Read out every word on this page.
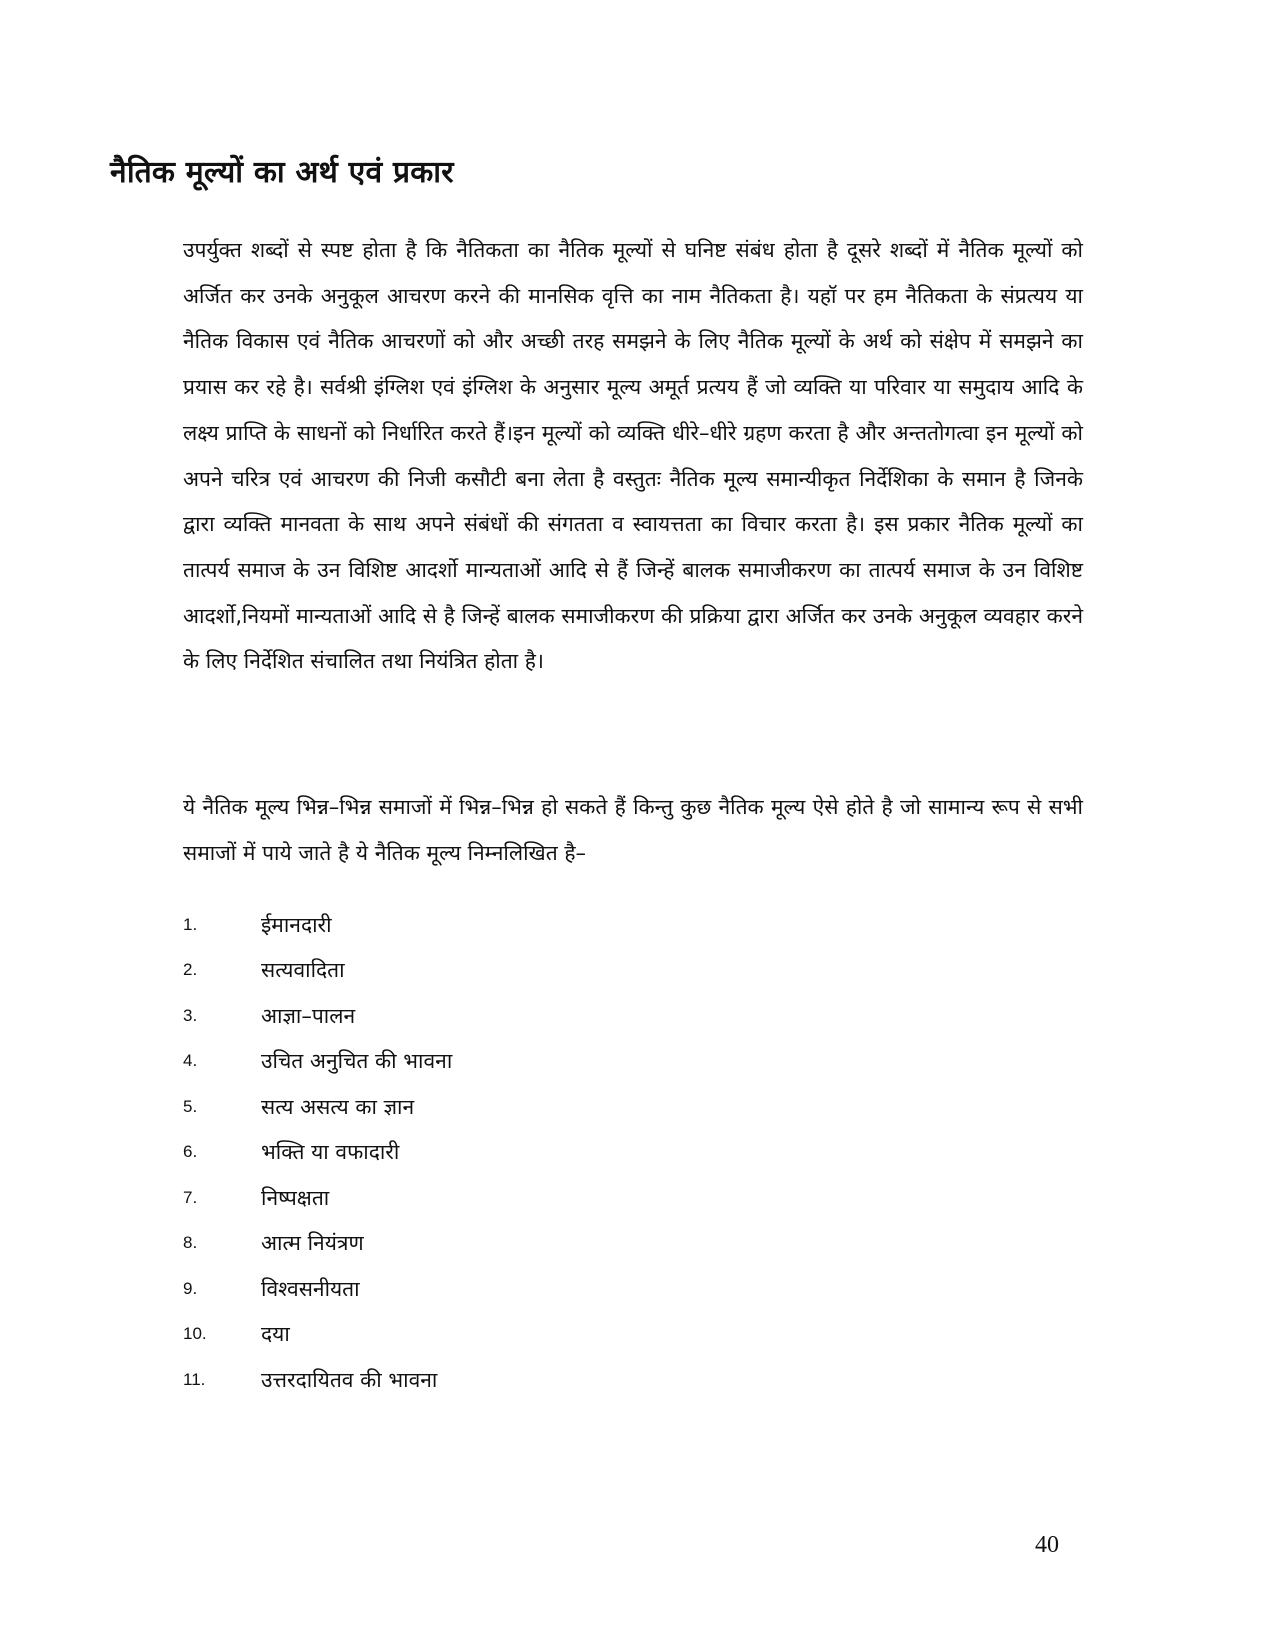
नैतिक मूल्यों का अर्थ एवं प्रकार

उपर्युक्त शब्दों से स्पष्ट होता है कि नैतिकता का नैतिक मूल्यों से घनिष्ट संबंध होता है दूसरे शब्दों में नैतिक मूल्यों को अर्जित कर उनके अनुकूल आचरण करने की मानसिक वृत्ति का नाम नैतिकता है। यहॉ पर हम नैतिकता के संप्रत्यय या नैतिक विकास एवं नैतिक आचरणों को और अच्छी तरह समझने के लिए नैतिक मूल्यों के अर्थ को संक्षेप में समझने का प्रयास कर रहे है। सर्वश्री इंग्लिश एवं इंग्लिश के अनुसार मूल्य अमूर्त प्रत्यय हैं जो व्यक्ति या परिवार या समुदाय आदि के लक्ष्य प्राप्ति के साधनों को निर्धारित करते हैं।इन मूल्यों को व्यक्ति धीरे–धीरे ग्रहण करता है और अन्ततोगत्वा इन मूल्यों को अपने चरित्र एवं आचरण की निजी कसौटी बना लेता है वस्तुतः नैतिक मूल्य समान्यीकृत निर्देशिका के समान है जिनके द्वारा व्यक्ति मानवता के साथ अपने संबंधों की संगतता व स्वायत्तता का विचार करता है। इस प्रकार नैतिक मूल्यों का तात्पर्य समाज के उन विशिष्ट आदर्शो मान्यताओं आदि से हैं जिन्हें बालक समाजीकरण का तात्पर्य समाज के उन विशिष्ट आदर्शो,नियमों मान्यताओं आदि से है जिन्हें बालक समाजीकरण की प्रक्रिया द्वारा अर्जित कर उनके अनुकूल व्यवहार करने के लिए निर्देशित संचालित तथा नियंत्रित होता है।

ये नैतिक मूल्य भिन्न–भिन्न समाजों में भिन्न–भिन्न हो सकते हैं किन्तु कुछ नैतिक मूल्य ऐसे होते है जो सामान्य रूप से सभी समाजों में पाये जाते है ये नैतिक मूल्य निम्नलिखित है–

1.	ईमानदारी
2.	सत्यवादिता
3.	आज्ञा–पालन
4.	उचित अनुचित की भावना
5.	सत्य असत्य का ज्ञान
6.	भक्ति या वफादारी
7.	निष्पक्षता
8.	आत्म नियंत्रण
9.	विश्वसनीयता
10.	दया
11.	उत्तरदायितव की भावना
40
